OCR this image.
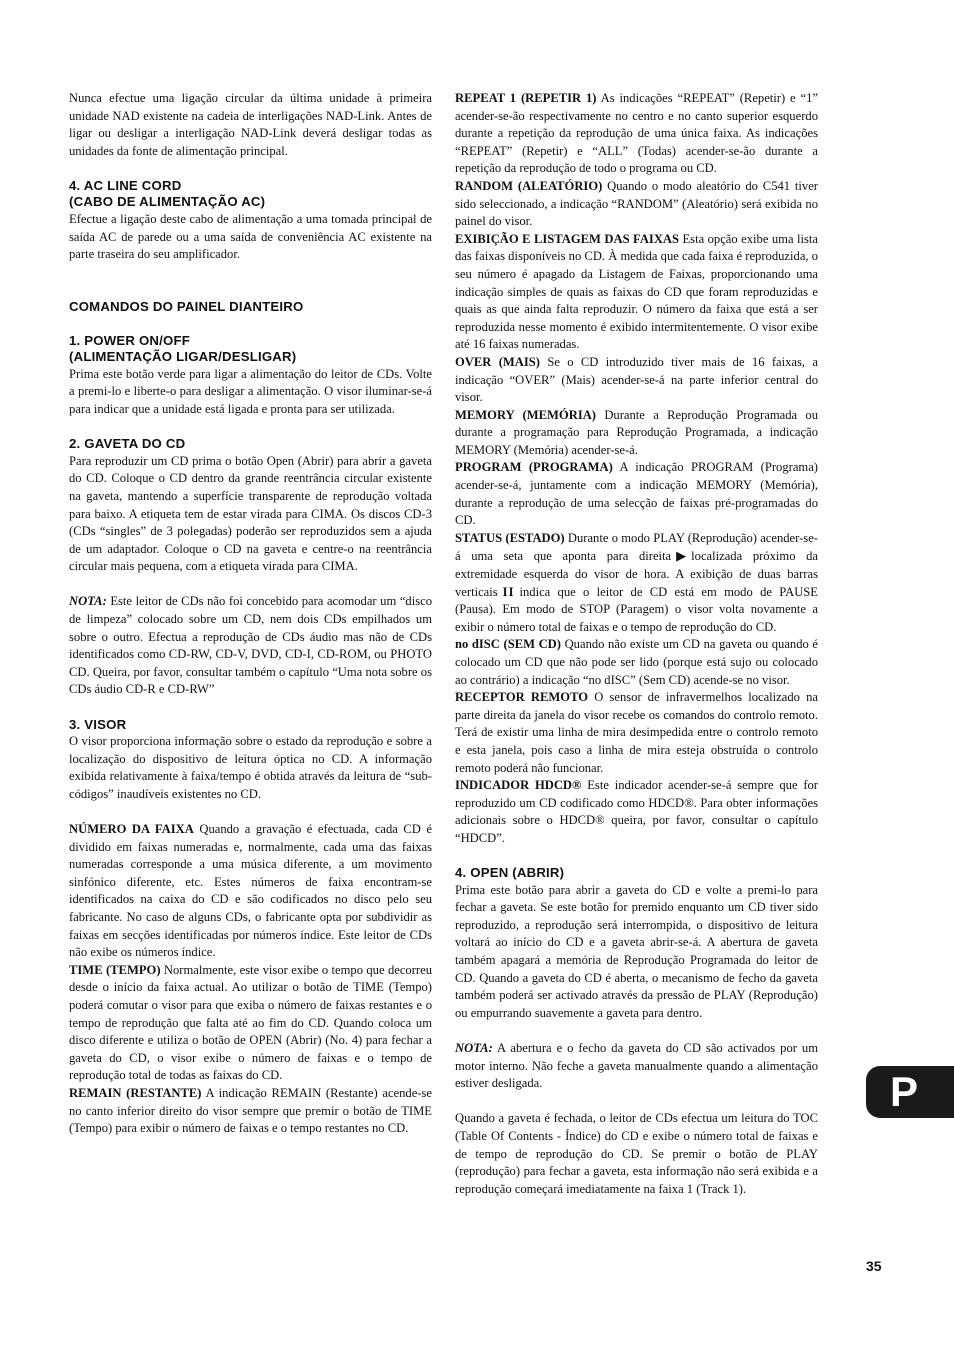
Nunca efectue uma ligação circular da última unidade à primeira unidade NAD existente na cadeia de interligações NAD-Link. Antes de ligar ou desligar a interligação NAD-Link deverá desligar todas as unidades da fonte de alimentação principal.

4. AC LINE CORD

(CABO DE ALIMENTAÇÃO AC)

Efectue a ligação deste cabo de alimentação a uma tomada principal de saída AC de parede ou a uma saída de conveniência AC existente na parte traseira do seu amplificador.

COMANDOS DO PAINEL DIANTEIRO

1. POWER ON/OFF

(ALIMENTAÇÃO LIGAR/DESLIGAR)

Prima este botão verde para ligar a alimentação do leitor de CDs. Volte a premi-lo e liberte-o para desligar a alimentação. O visor iluminar-se-á para indicar que a unidade está ligada e pronta para ser utilizada.

2. GAVETA DO CD

Para reproduzir um CD prima o botão Open (Abrir) para abrir a gaveta do CD. Coloque o CD dentro da grande reentrância circular existente na gaveta, mantendo a superfície transparente de reprodução voltada para baixo. A etiqueta tem de estar virada para CIMA. Os discos CD-3 (CDs “singles” de 3 polegadas) poderão ser reproduzidos sem a ajuda de um adaptador. Coloque o CD na gaveta e centre-o na reentrância circular mais pequena, com a etiqueta virada para CIMA.

NOTA: Este leitor de CDs não foi concebido para acomodar um “disco de limpeza” colocado sobre um CD, nem dois CDs empilhados um sobre o outro. Efectua a reprodução de CDs áudio mas não de CDs identificados como CD-RW, CD-V, DVD, CD-I, CD-ROM, ou PHOTO CD. Queira, por favor, consultar também o capítulo “Uma nota sobre os CDs áudio CD-R e CD-RW”

3. VISOR

O visor proporciona informação sobre o estado da reprodução e sobre a localização do dispositivo de leitura óptica no CD. A informação exibida relativamente à faixa/tempo é obtida através da leitura de “sub-códigos” inaudíveis existentes no CD.

NÚMERO DA FAIXA Quando a gravação é efectuada, cada CD é dividido em faixas numeradas e, normalmente, cada uma das faixas numeradas corresponde a uma música diferente, a um movimento sinfónico diferente, etc. Estes números de faixa encontram-se identificados na caixa do CD e são codificados no disco pelo seu fabricante. No caso de alguns CDs, o fabricante opta por subdividir as faixas em secções identificadas por números índice. Este leitor de CDs não exibe os números índice.

TIME (TEMPO) Normalmente, este visor exibe o tempo que decorreu desde o início da faixa actual. Ao utilizar o botão de TIME (Tempo) poderá comutar o visor para que exiba o número de faixas restantes e o tempo de reprodução que falta até ao fim do CD. Quando coloca um disco diferente e utiliza o botão de OPEN (Abrir) (No. 4) para fechar a gaveta do CD, o visor exibe o número de faixas e o tempo de reprodução total de todas as faixas do CD.

REMAIN (RESTANTE) A indicação REMAIN (Restante) acende-se no canto inferior direito do visor sempre que premir o botão de TIME (Tempo) para exibir o número de faixas e o tempo restantes no CD.

REPEAT 1 (REPETIR 1) As indicações “REPEAT” (Repetir) e “1” acender-se-ão respectivamente no centro e no canto superior esquerdo durante a repetição da reprodução de uma única faixa. As indicações “REPEAT” (Repetir) e “ALL” (Todas) acender-se-ão durante a repetição da reprodução de todo o programa ou CD.

RANDOM (ALEATÓRIO) Quando o modo aleatório do C541 tiver sido seleccionado, a indicação “RANDOM” (Aleatório) será exibida no painel do visor.

EXIBIÇÃO E LISTAGEM DAS FAIXAS Esta opção exibe uma lista das faixas disponíveis no CD. À medida que cada faixa é reproduzida, o seu número é apagado da Listagem de Faixas, proporcionando uma indicação simples de quais as faixas do CD que foram reproduzidas e quais as que ainda falta reproduzir. O número da faixa que está a ser reproduzida nesse momento é exibido intermitentemente. O visor exibe até 16 faixas numeradas.

OVER (MAIS) Se o CD introduzido tiver mais de 16 faixas, a indicação “OVER” (Mais) acender-se-á na parte inferior central do visor.

MEMORY (MEMÓRIA) Durante a Reprodução Programada ou durante a programação para Reprodução Programada, a indicação MEMORY (Memória) acender-se-á.

PROGRAM (PROGRAMA) A indicação PROGRAM (Programa) acender-se-á, juntamente com a indicação MEMORY (Memória), durante a reprodução de uma selecção de faixas pré-programadas do CD.

STATUS (ESTADO) Durante o modo PLAY (Reprodução) acender-se-á uma seta que aponta para direita ▶ localizada próximo da extremidade esquerda do visor de hora. A exibição de duas barras verticais II indica que o leitor de CD está em modo de PAUSE (Pausa). Em modo de STOP (Paragem) o visor volta novamente a exibir o número total de faixas e o tempo de reprodução do CD.

no dISC (SEM CD) Quando não existe um CD na gaveta ou quando é colocado um CD que não pode ser lido (porque está sujo ou colocado ao contrário) a indicação “no dISC” (Sem CD) acende-se no visor.

RECEPTOR REMOTO O sensor de infravermelhos localizado na parte direita da janela do visor recebe os comandos do controlo remoto. Terá de existir uma linha de mira desimpedida entre o controlo remoto e esta janela, pois caso a linha de mira esteja obstruída o controlo remoto poderá não funcionar.

INDICADOR HDCD® Este indicador acender-se-á sempre que for reproduzido um CD codificado como HDCD®. Para obter informações adicionais sobre o HDCD® queira, por favor, consultar o capítulo “HDCD”.

4. OPEN (ABRIR)

Prima este botão para abrir a gaveta do CD e volte a premi-lo para fechar a gaveta. Se este botão for premido enquanto um CD tiver sido reproduzido, a reprodução será interrompida, o dispositivo de leitura voltará ao início do CD e a gaveta abrir-se-á. A abertura de gaveta também apagará a memória de Reprodução Programada do leitor de CD. Quando a gaveta do CD é aberta, o mecanismo de fecho da gaveta também poderá ser activado através da pressão de PLAY (Reprodução) ou empurrando suavemente a gaveta para dentro.

NOTA: A abertura e o fecho da gaveta do CD são activados por um motor interno. Não feche a gaveta manualmente quando a alimentação estiver desligada.

Quando a gaveta é fechada, o leitor de CDs efectua um leitura do TOC (Table Of Contents - Índice) do CD e exibe o número total de faixas e de tempo de reprodução do CD. Se premir o botão de PLAY (reprodução) para fechar a gaveta, esta informação não será exibida e a reprodução começará imediatamente na faixa 1 (Track 1).

P
35
